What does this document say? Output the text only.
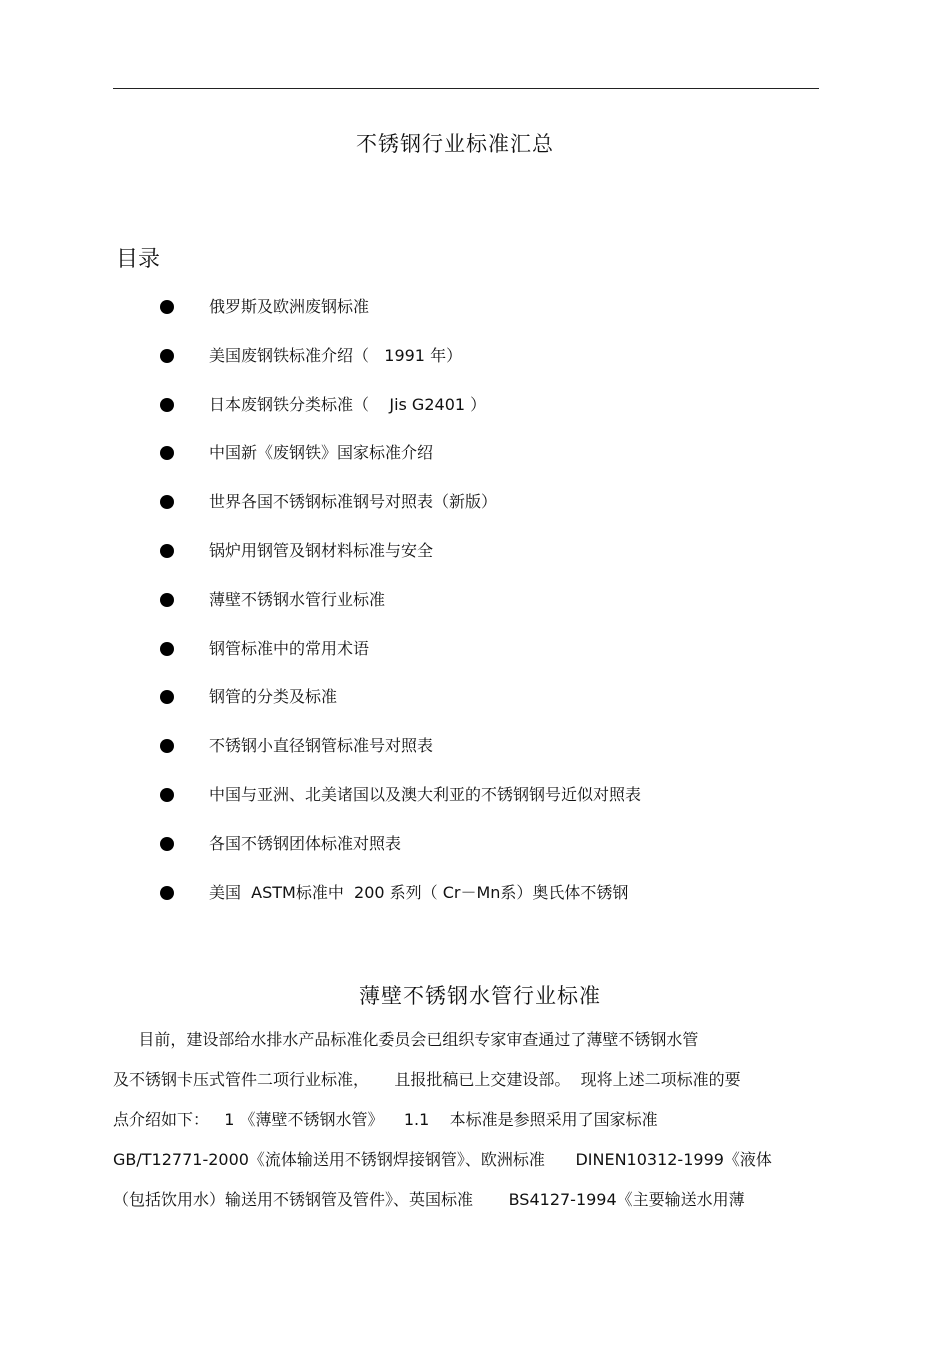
不锈钢行业标准汇总
目录
俄罗斯及欧洲废钢标准
美国废钢铁标准介绍（   1991 年）
日本废钢铁分类标准（    Jis G2401 ）
中国新《废钢铁》国家标准介绍
世界各国不锈钢标准钢号对照表（新版）
锅炉用钢管及钢材料标准与安全
薄壁不锈钢水管行业标准
钢管标准中的常用术语
钢管的分类及标准
不锈钢小直径钢管标准号对照表
中国与亚洲、北美诸国以及澳大利亚的不锈钢钢号近似对照表
各国不锈钢团体标准对照表
美国  ASTM标准中  200 系列（ Cr－Mn系）奥氏体不锈钢
薄壁不锈钢水管行业标准
目前，建设部给水排水产品标准化委员会已组织专家审查通过了薄壁不锈钢水管
及不锈钢卡压式管件二项行业标准，     且报批稿已上交建设部。  现将上述二项标准的要
点介绍如下：   1 《薄壁不锈钢水管》    1.1    本标准是参照采用了国家标准
GB/T12771-2000《流体输送用不锈钢焊接钢管》、欧洲标准      DINEN10312-1999《液体
（包括饮用水）输送用不锈钢管及管件》、英国标准       BS4127-1994《主要输送水用薄
